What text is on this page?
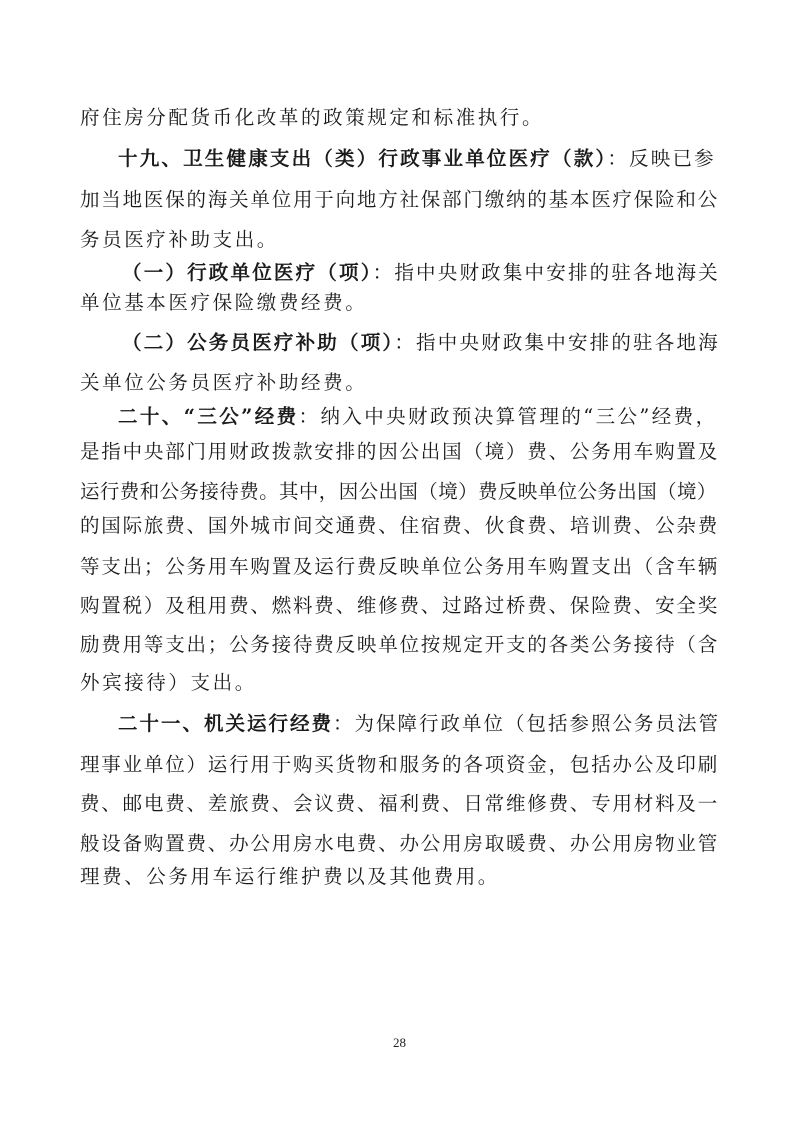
府住房分配货币化改革的政策规定和标准执行。
十九、卫生健康支出（类）行政事业单位医疗（款）：反映已参
加当地医保的海关单位用于向地方社保部门缴纳的基本医疗保险和公
务员医疗补助支出。
（一）行政单位医疗（项）：指中央财政集中安排的驻各地海关
单位基本医疗保险缴费经费。
（二）公务员医疗补助（项）：指中央财政集中安排的驻各地海
关单位公务员医疗补助经费。
二十、“三公”经费：纳入中央财政预决算管理的“三公”经费，
是指中央部门用财政拨款安排的因公出国（境）费、公务用车购置及
运行费和公务接待费。其中，因公出国（境）费反映单位公务出国（境）
的国际旅费、国外城市间交通费、住宿费、伙食费、培训费、公杂费
等支出；公务用车购置及运行费反映单位公务用车购置支出（含车辆
购置税）及租用费、燃料费、维修费、过路过桥费、保险费、安全奖
励费用等支出；公务接待费反映单位按规定开支的各类公务接待（含
外宾接待）支出。
二十一、机关运行经费：为保障行政单位（包括参照公务员法管
理事业单位）运行用于购买货物和服务的各项资金，包括办公及印刷
费、邮电费、差旅费、会议费、福利费、日常维修费、专用材料及一
般设备购置费、办公用房水电费、办公用房取暖费、办公用房物业管
理费、公务用车运行维护费以及其他费用。
28
